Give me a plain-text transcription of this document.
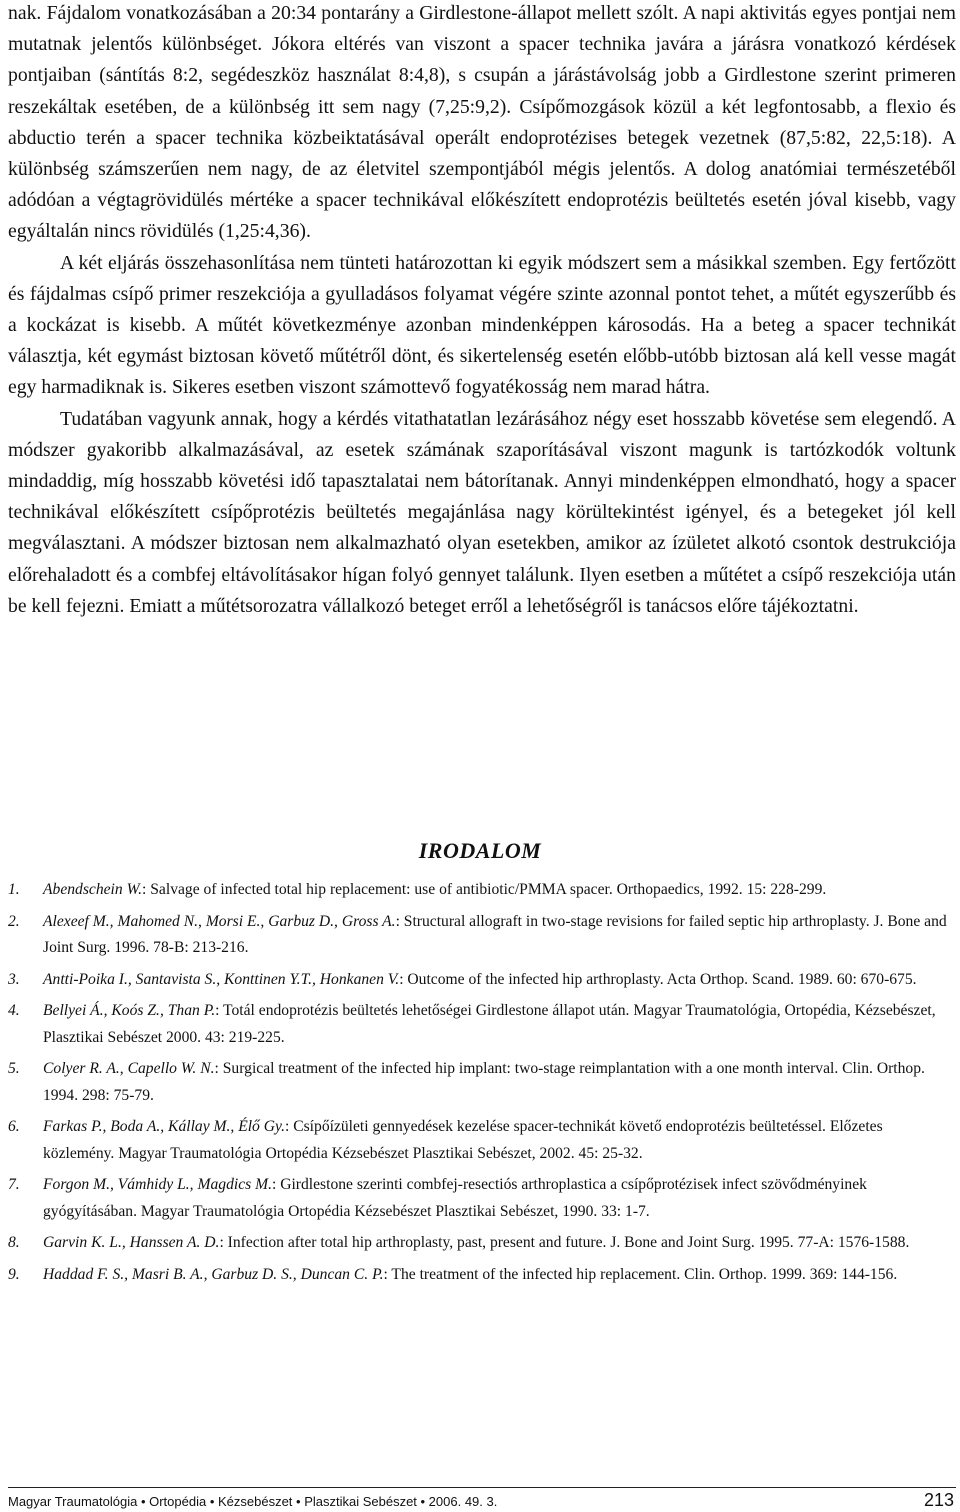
nak. Fájdalom vonatkozásában a 20:34 pontarány a Girdlestone-állapot mellett szólt. A napi aktivitás egyes pontjai nem mutatnak jelentős különbséget. Jókora eltérés van viszont a spacer technika javára a járásra vonatkozó kérdések pontjaiban (sántítás 8:2, segédeszköz használat 8:4,8), s csupán a járástávolság jobb a Girdlestone szerint primeren reszekáltak esetében, de a különbség itt sem nagy (7,25:9,2). Csípőmozgások közül a két legfontosabb, a flexio és abductio terén a spacer technika közbeiktatásával operált endoprotézises betegek vezetnek (87,5:82, 22,5:18). A különbség számszerűen nem nagy, de az életvitel szempontjából mégis jelentős. A dolog anatómiai természetéből adódóan a végtagrövidülés mértéke a spacer technikával előkészített endoprotézis beültetés esetén jóval kisebb, vagy egyáltalán nincs rövidülés (1,25:4,36).

A két eljárás összehasonlítása nem tünteti határozottan ki egyik módszert sem a másikkal szemben. Egy fertőzött és fájdalmas csípő primer reszekciója a gyulladásos folyamat végére szinte azonnal pontot tehet, a műtét egyszerűbb és a kockázat is kisebb. A műtét következménye azonban mindenképpen károsodás. Ha a beteg a spacer technikát választja, két egymást biztosan követő műtétről dönt, és sikertelenség esetén előbb-utóbb biztosan alá kell vesse magát egy harmadiknak is. Sikeres esetben viszont számottevő fogyatékosság nem marad hátra.

Tudatában vagyunk annak, hogy a kérdés vitathatatlan lezárásához négy eset hosszabb követése sem elegendő. A módszer gyakoribb alkalmazásával, az esetek számának szaporításával viszont magunk is tartózkodók voltunk mindaddig, míg hosszabb követési idő tapasztalatai nem bátorítanak. Annyi mindenképpen elmondható, hogy a spacer technikával előkészített csípőprotézis beültetés megajánlása nagy körültekintést igényel, és a betegeket jól kell megválasztani. A módszer biztosan nem alkalmazható olyan esetekben, amikor az ízületet alkotó csontok destrukciója előrehaladott és a combfej eltávolításakor hígan folyó gennyet találunk. Ilyen esetben a műtétet a csípő reszekciója után be kell fejezni. Emiatt a műtétsorozatra vállalkozó beteget erről a lehetőségről is tanácsos előre tájékoztatni.

IRODALOM
1. Abendschein W.: Salvage of infected total hip replacement: use of antibiotic/PMMA spacer. Orthopaedics, 1992. 15: 228-299.
2. Alexeef M., Mahomed N., Morsi E., Garbuz D., Gross A.: Structural allograft in two-stage revisions for failed septic hip arthroplasty. J. Bone and Joint Surg. 1996. 78-B: 213-216.
3. Antti-Poika I., Santavista S., Konttinen Y.T., Honkanen V.: Outcome of the infected hip arthroplasty. Acta Orthop. Scand. 1989. 60: 670-675.
4. Bellyei Á., Koós Z., Than P.: Totál endoprotézis beültetés lehetőségei Girdlestone állapot után. Magyar Traumatológia, Ortopédia, Kézsebészet, Plasztikai Sebészet 2000. 43: 219-225.
5. Colyer R. A., Capello W. N.: Surgical treatment of the infected hip implant: two-stage reimplantation with a one month interval. Clin. Orthop. 1994. 298: 75-79.
6. Farkas P., Boda A., Kállay M., Élő Gy.: Csípőízületi gennyedések kezelése spacer-technikát követő endoprotézis beültetéssel. Előzetes közlemény. Magyar Traumatológia Ortopédia Kézsebészet Plasztikai Sebészet, 2002. 45: 25-32.
7. Forgon M., Vámhidy L., Magdics M.: Girdlestone szerinti combfej-resectiós arthroplastica a csípőprotézisek infect szövődményinek gyógyításában. Magyar Traumatológia Ortopédia Kézsebészet Plasztikai Sebészet, 1990. 33: 1-7.
8. Garvin K. L., Hanssen A. D.: Infection after total hip arthroplasty, past, present and future. J. Bone and Joint Surg. 1995. 77-A: 1576-1588.
9. Haddad F. S., Masri B. A., Garbuz D. S., Duncan C. P.: The treatment of the infected hip replacement. Clin. Orthop. 1999. 369: 144-156.
Magyar Traumatológia • Ortopédia • Kézsebészet • Plasztikai Sebészet • 2006. 49. 3.	213
